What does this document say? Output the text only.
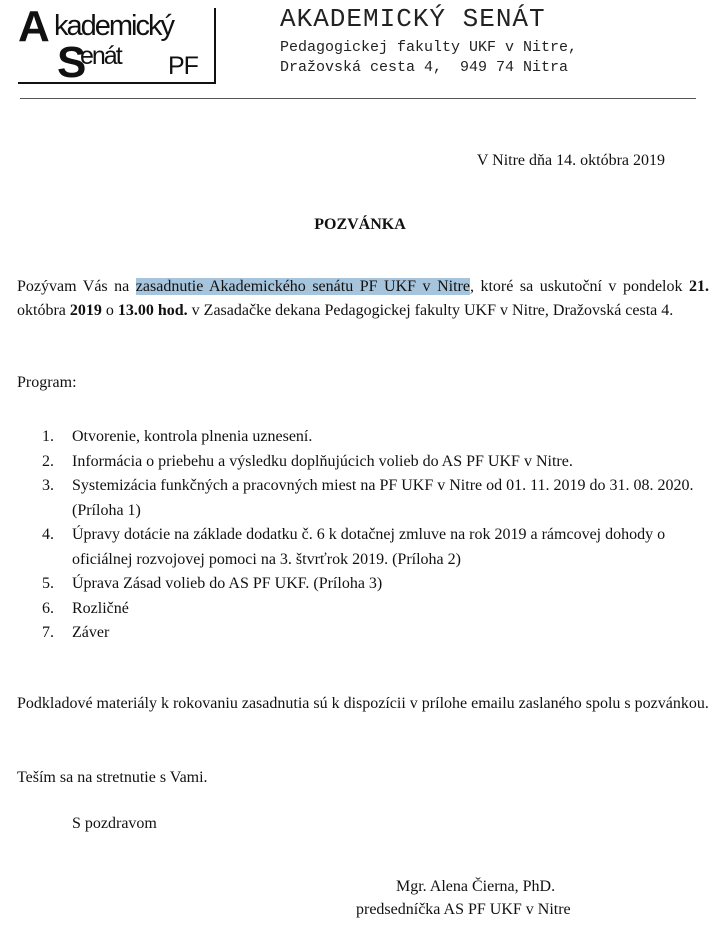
A kademický
S
enát PF
AKADEMICKÝ SENÁT
Pedagogickej fakulty UKF v Nitre,
Dražovská cesta 4,  949 74 Nitra
V Nitre dňa 14. októbra 2019
POZVÁNKA
Pozývam Vás na zasadnutie Akademického senátu PF UKF v Nitre, ktoré sa uskutoční v pondelok 21. októbra 2019 o 13.00 hod. v Zasadačke dekana Pedagogickej fakulty UKF v Nitre, Dražovská cesta 4.
Program:
1.	Otvorenie, kontrola plnenia uznesení.
2.	Informácia o priebehu a výsledku doplňujúcich volieb do AS PF UKF v Nitre.
3.	Systemizácia funkčných a pracovných miest na PF UKF v Nitre od 01. 11. 2019 do 31. 08. 2020. (Príloha 1)
4.	Úpravy dotácie na základe dodatku č. 6 k dotačnej zmluve na rok 2019 a rámcovej dohody o oficiálnej rozvojovej pomoci na 3. štvrťrok 2019. (Príloha 2)
5.	Úprava Zásad volieb do AS PF UKF. (Príloha 3)
6.	Rozličné
7.	Záver
Podkladové materiály k rokovaniu zasadnutia sú k dispozícii v prílohe emailu zaslaného spolu s pozvánkou.
Teším sa na stretnutie s Vami.
S pozdravom
Mgr. Alena Čierna, PhD.
predsedníčka AS PF UKF v Nitre
